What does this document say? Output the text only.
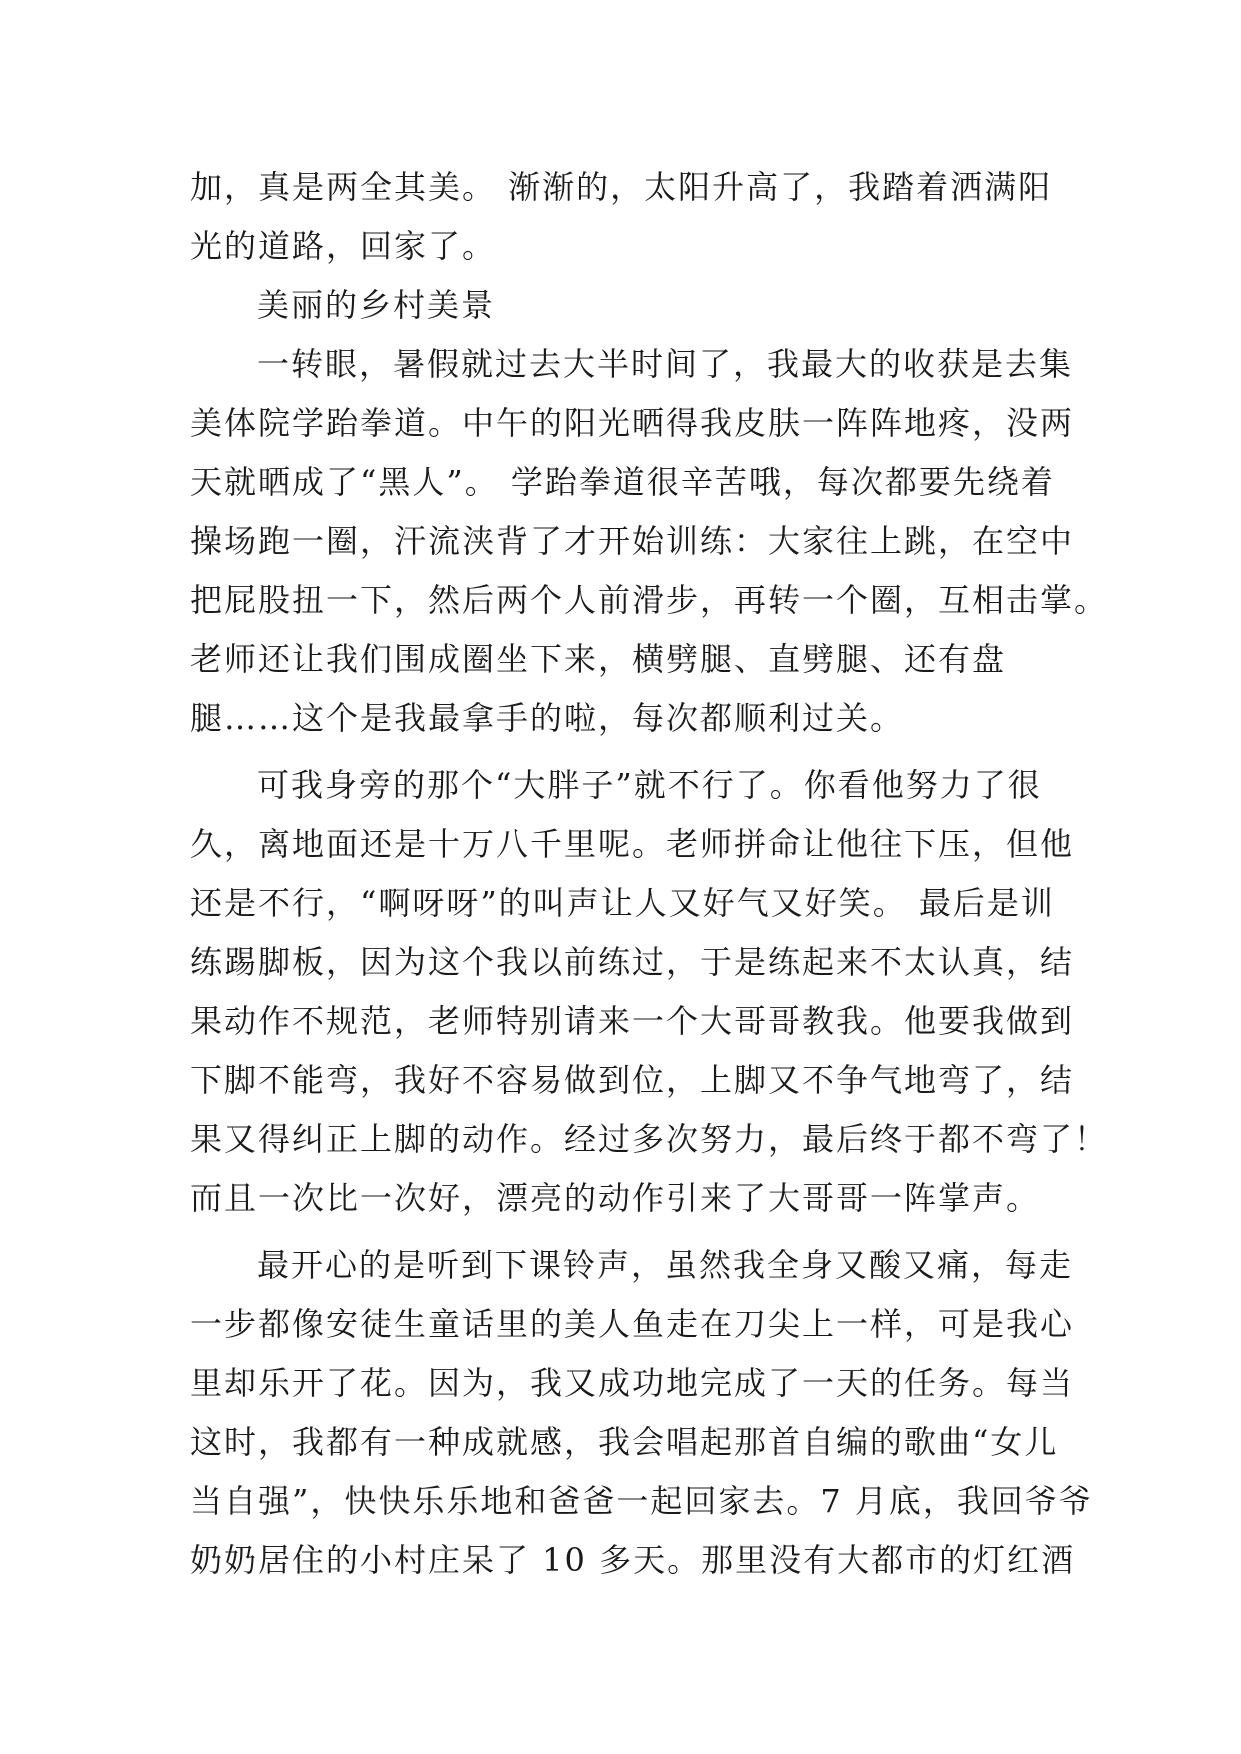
加，真是两全其美。 渐渐的，太阳升高了，我踏着洒满阳
光的道路，回家了。
美丽的乡村美景
一转眼，暑假就过去大半时间了，我最大的收获是去集
美体院学跆拳道。中午的阳光晒得我皮肤一阵阵地疼，没两
天就晒成了“黑人”。 学跆拳道很辛苦哦，每次都要先绕着
操场跑一圈，汗流浃背了才开始训练：大家往上跳，在空中
把屁股扭一下，然后两个人前滑步，再转一个圈，互相击掌。
老师还让我们围成圈坐下来，横劈腿、直劈腿、还有盘
腿……这个是我最拿手的啦，每次都顺利过关。
可我身旁的那个“大胖子”就不行了。你看他努力了很
久，离地面还是十万八千里呢。老师拼命让他往下压，但他
还是不行，“啊呀呀”的叫声让人又好气又好笑。 最后是训
练踢脚板，因为这个我以前练过，于是练起来不太认真，结
果动作不规范，老师特别请来一个大哥哥教我。他要我做到
下脚不能弯，我好不容易做到位，上脚又不争气地弯了，结
果又得纠正上脚的动作。经过多次努力，最后终于都不弯了！
而且一次比一次好，漂亮的动作引来了大哥哥一阵掌声。
最开心的是听到下课铃声，虽然我全身又酸又痛，每走
一步都像安徒生童话里的美人鱼走在刀尖上一样，可是我心
里却乐开了花。因为，我又成功地完成了一天的任务。每当
这时，我都有一种成就感，我会唱起那首自编的歌曲“女儿
当自强”，快快乐乐地和爸爸一起回家去。7 月底，我回爷爷
奶奶居住的小村庄呆了 10 多天。那里没有大都市的灯红酒
